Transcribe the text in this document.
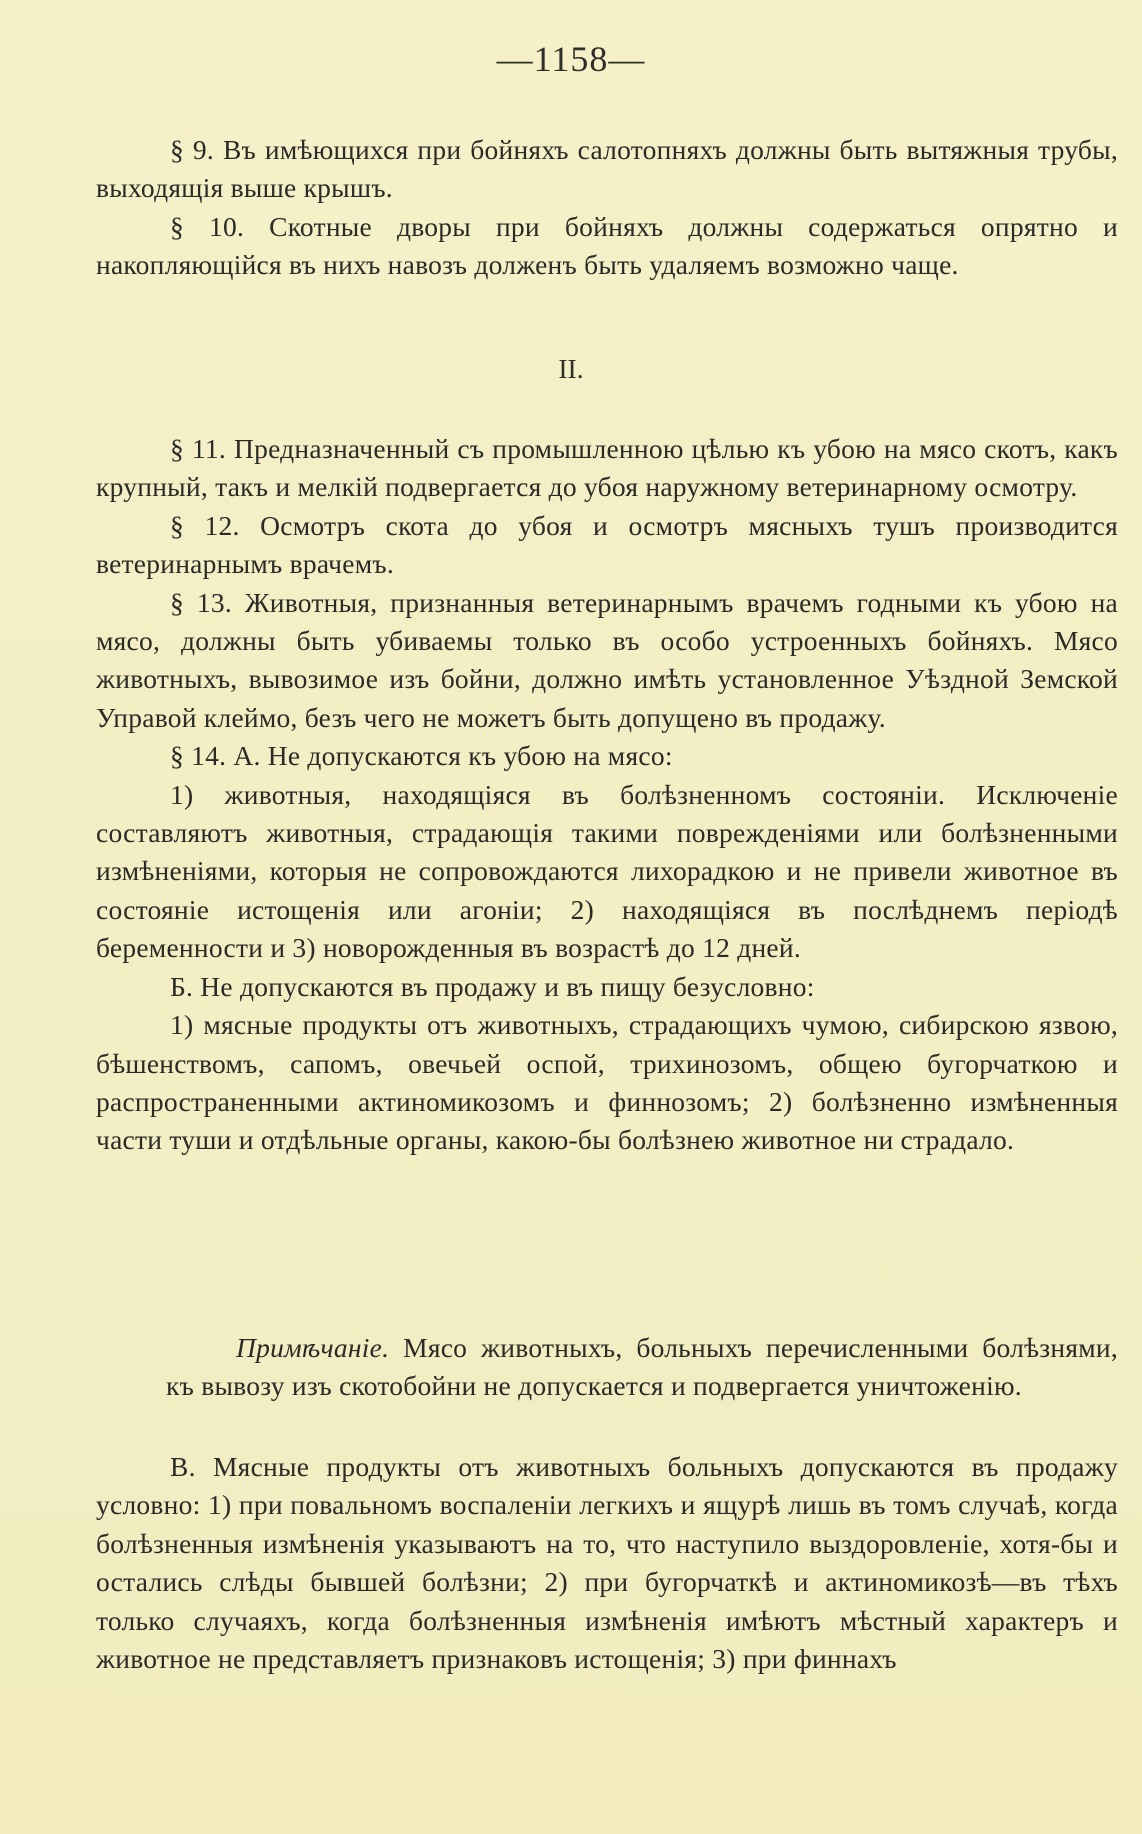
—1158—

§ 9. Въ имѣющихся при бойняхъ салотопняхъ должны быть вытяжныя трубы, выходящія выше крышъ.

§ 10. Скотные дворы при бойняхъ должны содержаться опрятно и накопляющійся въ нихъ навозъ долженъ быть удаляемъ возможно чаще.

II.

§ 11. Предназначенный съ промышленною цѣлью къ убою на мясо скотъ, какъ крупный, такъ и мелкій подвергается до убоя наружному ветеринарному осмотру.

§ 12. Осмотръ скота до убоя и осмотръ мясныхъ тушъ производится ветеринарнымъ врачемъ.

§ 13. Животныя, признанныя ветеринарнымъ врачемъ годными къ убою на мясо, должны быть убиваемы только въ особо устроенныхъ бойняхъ. Мясо животныхъ, вывозимое изъ бойни, должно имѣть установленное Уѣздной Земской Управой клеймо, безъ чего не можетъ быть допущено въ продажу.

§ 14. А. Не допускаются къ убою на мясо:

1) животныя, находящіяся въ болѣзненномъ состояніи. Исключеніе составляютъ животныя, страдающія такими поврежденіями или болѣзненными измѣненіями, которыя не сопровождаются лихорадкою и не привели животное въ состояніе истощенія или агоніи; 2) находящіяся въ послѣднемъ періодѣ беременности и 3) новорожденныя въ возрастѣ до 12 дней.

Б. Не допускаются въ продажу и въ пищу безусловно:

1) мясные продукты отъ животныхъ, страдающихъ чумою, сибирскою язвою, бѣшенствомъ, сапомъ, овечьей оспой, трихинозомъ, общею бугорчаткою и распространенными актиномикозомъ и финнозомъ; 2) болѣзненно измѣненныя части туши и отдѣльные органы, какою-бы болѣзнею животное ни страдало.

Примѣчаніе. Мясо животныхъ, больныхъ перечисленными болѣзнями, къ вывозу изъ скотобойни не допускается и подвергается уничтоженію.

В. Мясные продукты отъ животныхъ больныхъ допускаются въ продажу условно: 1) при повальномъ воспаленіи легкихъ и ящурѣ лишь въ томъ случаѣ, когда болѣзненныя измѣненія указываютъ на то, что наступило выздоровленіе, хотя-бы и остались слѣды бывшей болѣзни; 2) при бугорчаткѣ и актиномикозѣ—въ тѣхъ только случаяхъ, когда болѣзненныя измѣненія имѣютъ мѣстный характеръ и животное не представляетъ признаковъ истощенія; 3) при финнахъ
